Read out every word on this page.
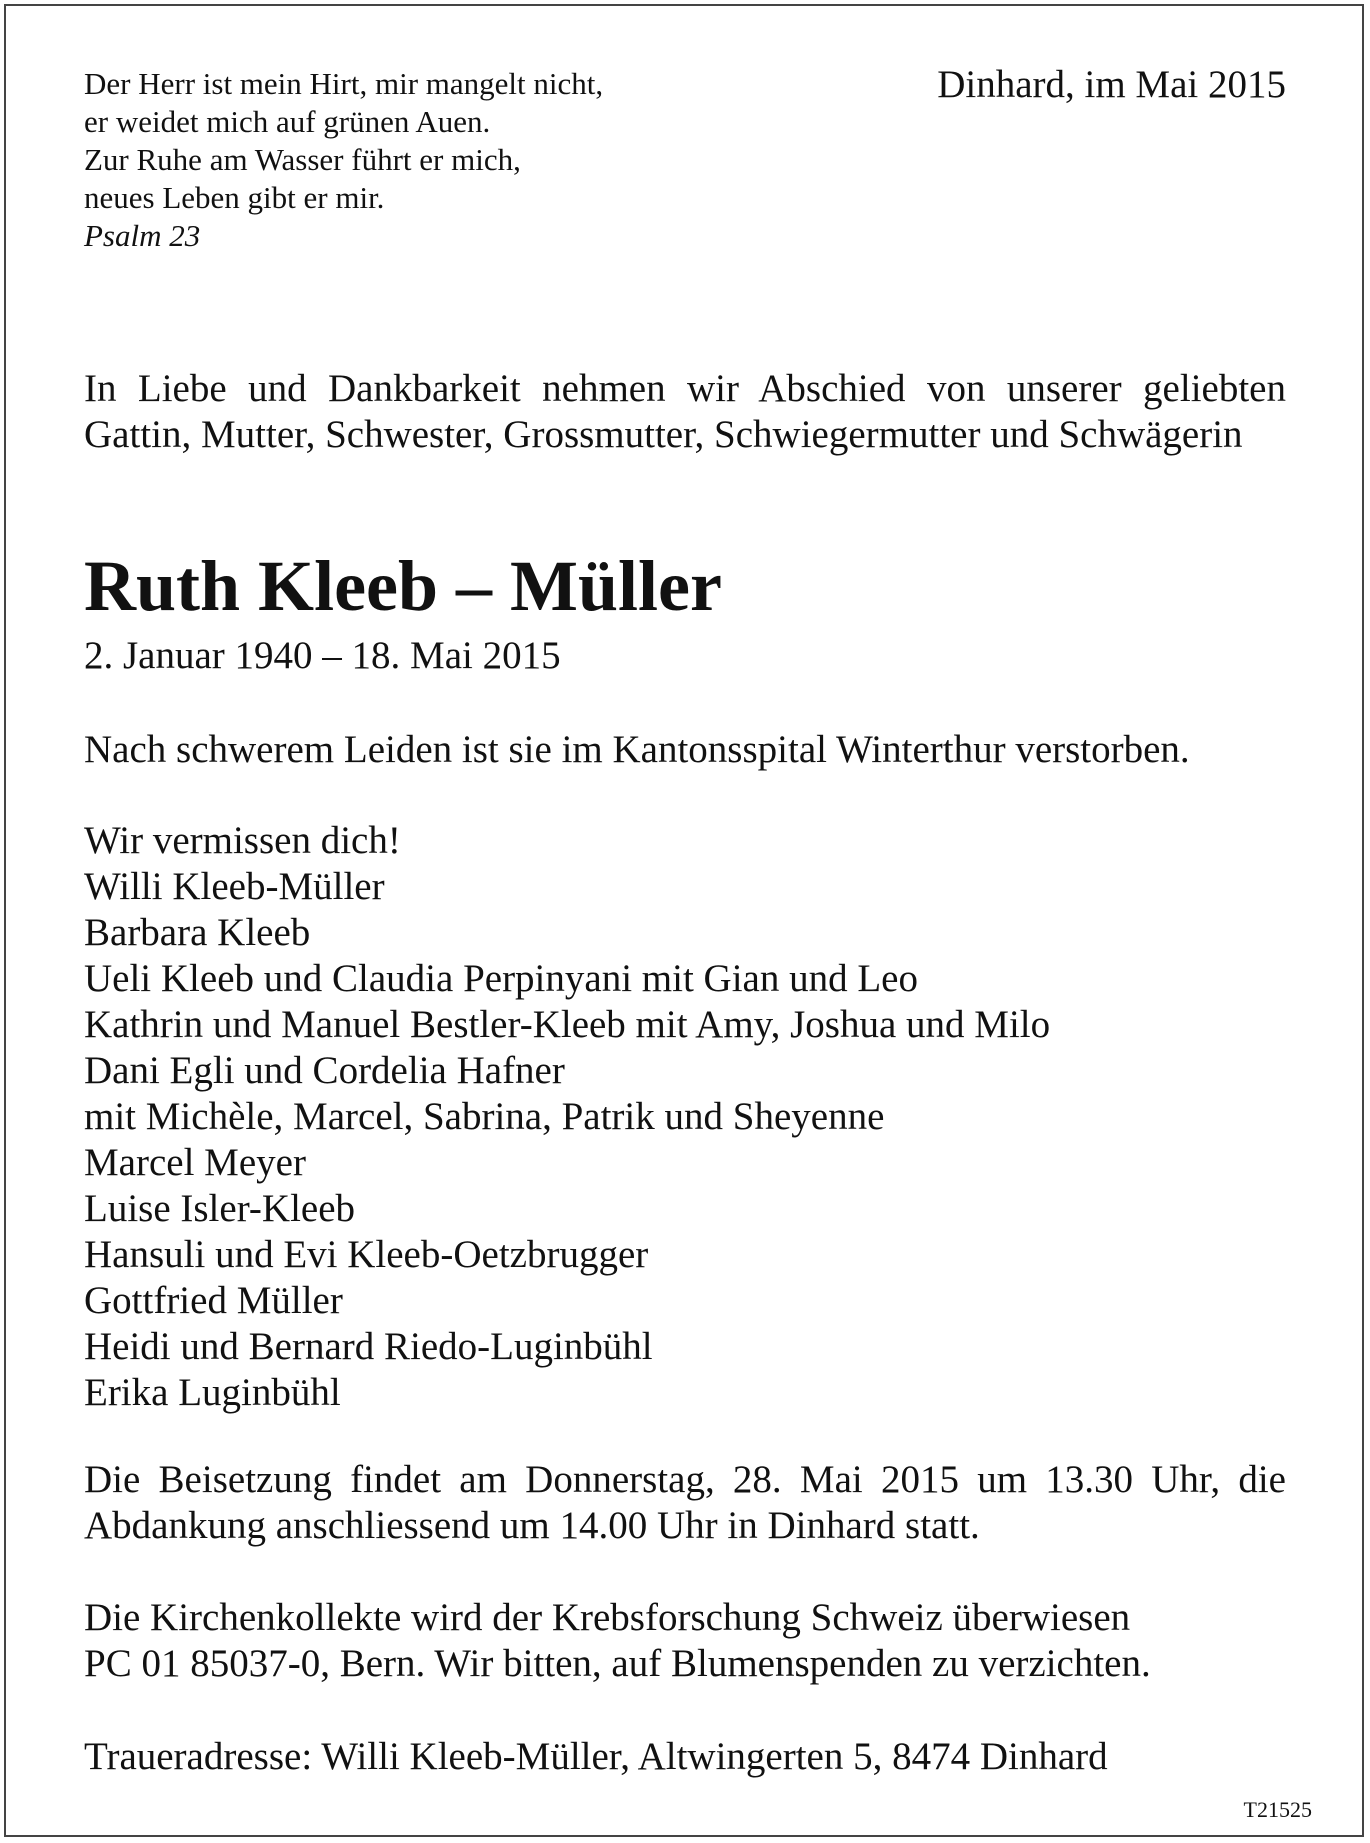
Der Herr ist mein Hirt, mir mangelt nicht,
er weidet mich auf grünen Auen.
Zur Ruhe am Wasser führt er mich,
neues Leben gibt er mir.
Psalm 23
Dinhard, im Mai 2015
In Liebe und Dankbarkeit nehmen wir Abschied von unserer geliebten Gattin, Mutter, Schwester, Grossmutter, Schwiegermutter und Schwägerin
Ruth Kleeb – Müller
2. Januar 1940 – 18. Mai 2015
Nach schwerem Leiden ist sie im Kantonsspital Winterthur verstorben.
Wir vermissen dich!
Willi Kleeb-Müller
Barbara Kleeb
Ueli Kleeb und Claudia Perpinyani mit Gian und Leo
Kathrin und Manuel Bestler-Kleeb mit Amy, Joshua und Milo
Dani Egli und Cordelia Hafner
mit Michèle, Marcel, Sabrina, Patrik und Sheyenne
Marcel Meyer
Luise Isler-Kleeb
Hansuli und Evi Kleeb-Oetzbrugger
Gottfried Müller
Heidi und Bernard Riedo-Luginbühl
Erika Luginbühl
Die Beisetzung findet am Donnerstag, 28. Mai 2015 um 13.30 Uhr, die Abdankung anschliessend um 14.00 Uhr in Dinhard statt.
Die Kirchenkollekte wird der Krebsforschung Schweiz überwiesen
PC 01 85037-0, Bern. Wir bitten, auf Blumenspenden zu verzichten.
Traueradresse: Willi Kleeb-Müller, Altwingerten 5, 8474 Dinhard
T21525
